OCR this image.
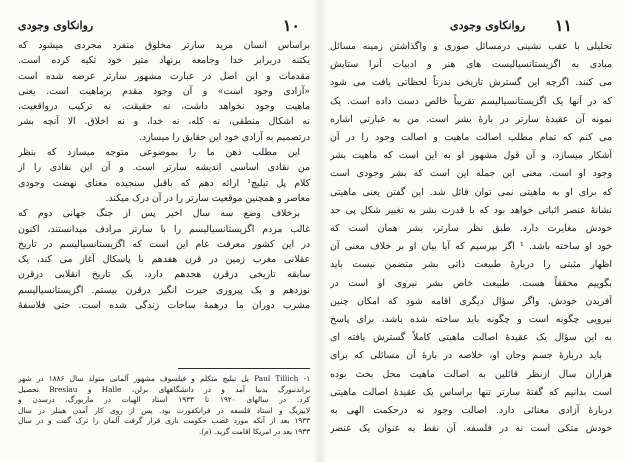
۱۰
روانکاوی وجودی
براساس انسان مرید سارتر مخلوق منفرد مجردی میشود که
یکتنه دربرابر خدا وجامعه برنهاد متیز خود تکیه کرده است.
مقدمات و این اصل در عبارت مشهور سارتر عرضه شده است
«آزادی وجود است» و آن وجود مقدم برماهیت است. یعنی
ماهیت وجود نخواهد داشت، نه حقیقت، نه ترکیب درواقعیت،
نه اشکال منطقی، نه کله، نه خدا، و نه اخلاق. الا آنچه بشر
درتصمیم به آزادی خود این حقایق را میسازد.
این مطلب ذهن ما را بموضوعی متوجه میسازد که بنظر
من نقادی اساسی اندیشه سارتر است. و آن این نقادی را از
کلام پل تیلیچ¹ ارائه دهم که باقبل سنجیده معنای نهضت وجودی
معاصر و همچنین موقعیت سارتر را در آن درک میکند.
برخلاف وضع سه سال اخیر پس از جنگ جهانی دوم که
غالب مردم اگزیستانسیالیسم را با سارتر مرادف میدانستند، اکنون
در این کشور معرفت عام این است که اگزیستانسیالیسم در تاریخ
عقلانی مغرب زمین در قرن هفدهم با پاسکال آغاز می کند، یک
سابقه تاریخی درقرن هجدهم دارد، یک تاریخ انقلابی درقرن
نوزدهم و یک پیروزی حیرت انگیز درقرن بیستم. اگزیستانسیالیسم
مشرب دوران ما درهمهٔ ساحات زندگی شده است. حتی فلاسفهٔ
۱- Paul Tillich پل تیلیچ متکلم و فیلسوف مشهور آلمانی متولد سال ۱۸۸۶ در شهر
براندنبورگ بدنیا آمد و در دانشگاههای برلن، Halle و Breslau تحصیل
کرد. در سالهای ۱۹۲۰ تا ۱۹۳۳ استاد الهیات در ماربورگ، درسدن و
لایپزیگ و استاد فلسفه در فرانکفورت بود. پس از روی کار آمدن هیتلر در سال
۱۹۳۳ بعد از آنکه مورد غضب حکومت نازی قرار گرفت آلمان را ترک گفت و در سال
۱۹۳۳ بعد در امریکا اقامت گزید. (م).
۱۱
روانکاوی وجودی
تحلیلی با عقب نشینی درمسائل صوری و واگذاشتن زمینه مسائل
مبادی به اگزیستانسیالیست های هنر و ادبیات آنرا ستایش
می کنند. اگرچه این گسترش تاریخی ندرتاً لحظاتی یافت می شود
که در آنها یک اگزیستانسیالیسم تقریباً خالص دست داده است. یک
نمونه آن عقیدهٔ سارتر در بارهٔ بشر است. من به عبارتی اشاره
می کنم که تمام مطلب اصالت ماهیت و اصالت وجود را در آن
آشکار میسازد، و آن قول مشهور او به این است که ماهیت بشر
وجود او است. معنی این جمله این است که بشر وجودی است
که برای او به ماهیتی نمی توان قائل شد. این گفتن یعنی ماهیتی
نشانهٔ عنصر اثباتی خواهد بود که با قدرت بشر به تغییر شکل پی حد
خودش مغایرت دارد. طبق نظر سارتر، بشر همان است که
خود او ساخته باشد. ¹ اگر بپرسیم که آیا بیان او بر خلاف معنی آن
اظهار مثبتی را دربارهٔ طبیعت ذاتی بشر متضمن نیست باید
بگوییم محققاً هست. طبیعت خاص بشر نیروی او است در
آفریدن خودش. واگر سؤال دیگری اقامه شود که امکان چنین
نیرویی چگونه است و چگونه باید ساخته شده باشد، برای پاسخ
به این سؤال یک عقیدهٔ اصالت ماهیتی کاملاً گسترش یافته ای
باید دربارهٔ جسم وجان او، خلاصه در بارهٔ آن مسائلی که برای
هزاران سال ازنظر قائلین به اصالت ماهیت محل بحث بوده
است بدانیم که گفتهٔ سارتر تنها براساس یک عقیدهٔ اصالت ماهیتی
دربارهٔ آزادی معنائی دارد. اصالت وجود نه درحکمت الهی به
خودش متکی است نه در فلسفه. آن نقط به عنوان یک عنصر
